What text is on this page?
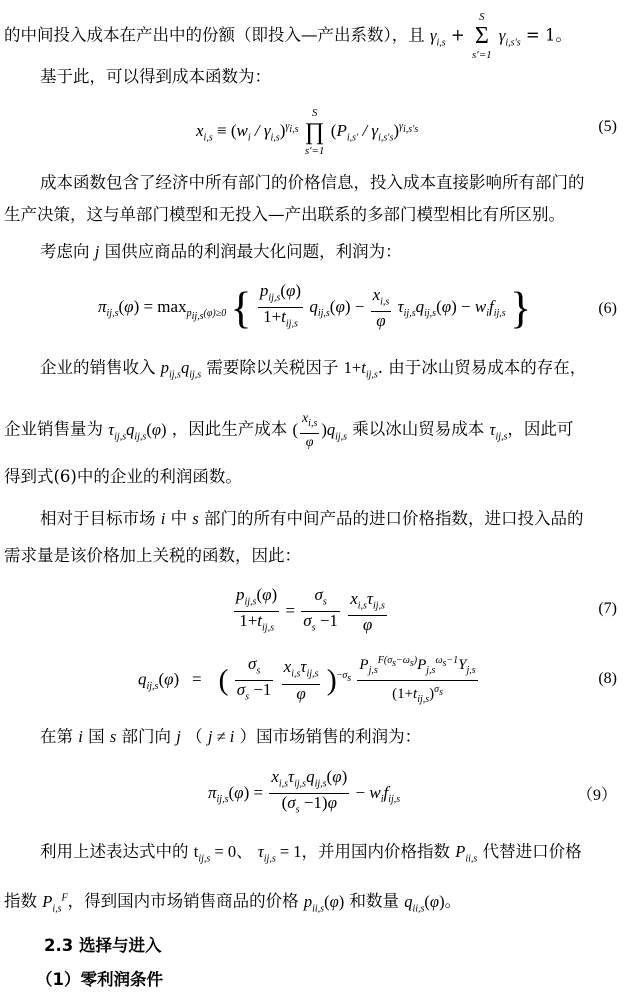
的中间投入成本在产出中的份额（即投入—产出系数），且 $\gamma_{i,s} + S$
Σ
s′=1 $\gamma_{i,s's} = 1$。
基于此，可以得到成本函数为：
$x_{i,s} \equiv (w_i / \gamma_{i,s})^{\gamma_{i,s}}$ S
∏
s′=1 $(P_{i,s'} / \gamma_{i,s's})^{\gamma_{i,s's}}$	(5)
成本函数包含了经济中所有部门的价格信息，投入成本直接影响所有部门的
生产决策，这与单部门模型和无投入—产出联系的多部门模型相比有所区别。
考虑向 j 国供应商品的利润最大化问题，利润为：
$\pi_{ij,s}(\varphi) = \max_{p_{ij,s}(\varphi)\ge 0}$ { $\frac{p_{ij,s}(\varphi)}{1+t_{ij,s}} q_{ij,s}(\varphi) - \frac{x_{i,s}}{\varphi} \tau_{ij,s}q_{ij,s}(\varphi) - w_if_{ij,s}$ }	(6)
企业的销售收入 $p_{ij,s}q_{ij,s}$ 需要除以关税因子 $1+t_{ij,s}$. 由于冰山贸易成本的存在，
企业销售量为 $\tau_{ij,s}q_{ij,s}(\varphi)$ ，因此生产成本 ( $\frac{x_{i,s}}{\varphi} )q_{ij,s}$ 乘以冰山贸易成本 $\tau_{ij,s}$，因此可
得到式(6)中的企业的利润函数。
相对于目标市场 i 中 s 部门的所有中间产品的进口价格指数，进口投入品的
需求量是该价格加上关税的函数，因此：
$\frac{p_{ij,s}(\varphi)}{1+t_{ij,s}} = \frac{\sigma_s}{\sigma_s -1}$
$\frac{x_{i,s}\tau_{ij,s}}{\varphi}$	(7)
$q_{ij,s}(\varphi)$   =    ( $\frac{\sigma_s}{\sigma_s -1}$
$\frac{x_{i,s}\tau_{ij,s}}{\varphi} )^{-\sigma_s} \frac{P_{j,s}^{F(\sigma_s-\omega_s)}P_{j,s}^{\omega_s-1}Y_{j,s}}{(1+t_{ij,s})^{\sigma_s}}$	(8)
在第 i 国 s 部门向 j （ j ≠ i ）国市场销售的利润为：
$\pi_{ij,s}(\varphi) = \frac{x_{i,s}\tau_{ij,s}q_{ij,s}(\varphi)}{(\sigma_s -1)\varphi} - w_if_{ij,s}$	（9）
利用上述表达式中的 $t_{ij,s} = 0$、 $\tau_{ij,s} = 1$，并用国内价格指数 $P_{ii,s}$ 代替进口价格
指数 $P_{i,s}^F$，得到国内市场销售商品的价格 $p_{ii,s}(\varphi)$ 和数量 $q_{ii,s}(\varphi)$。
2.3 选择与进入
（1）零利润条件
